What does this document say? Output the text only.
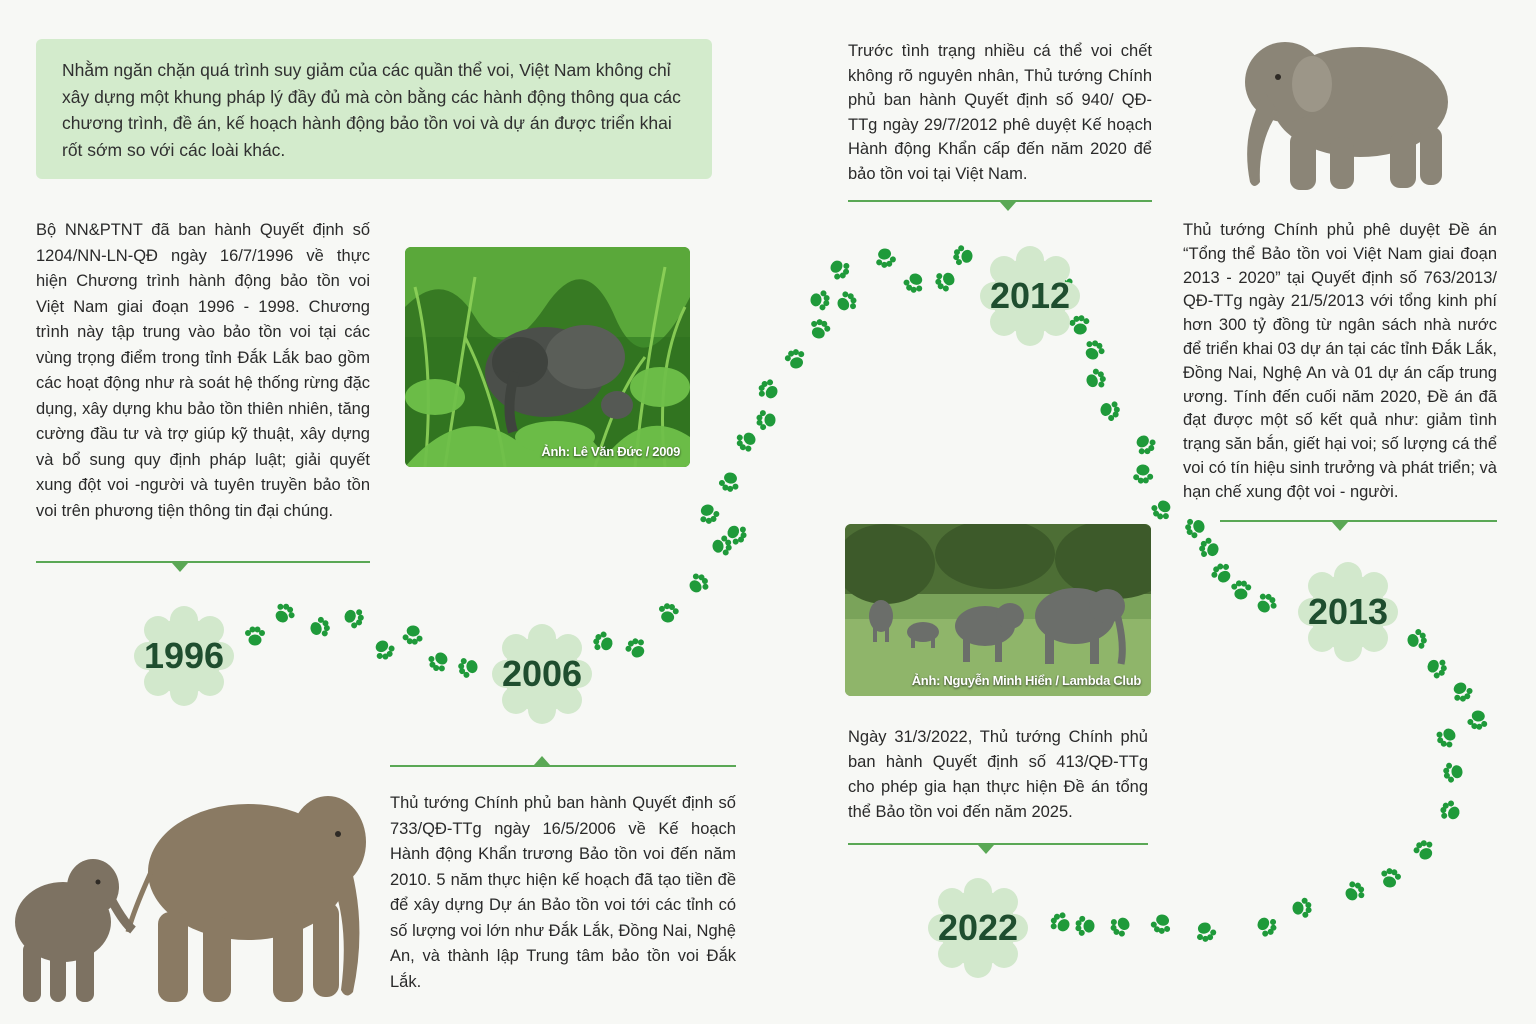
Nhằm ngăn chặn quá trình suy giảm của các quần thể voi, Việt Nam không chỉ xây dựng một khung pháp lý đầy đủ mà còn bằng các hành động thông qua các chương trình, đề án, kế hoạch hành động bảo tồn voi và dự án được triển khai rốt sớm so với các loài khác.

Bộ NN&PTNT đã ban hành Quyết định số 1204/NN-LN-QĐ ngày 16/7/1996 về thực hiện Chương trình hành động bảo tồn voi Việt Nam giai đoạn 1996 - 1998. Chương trình này tập trung vào bảo tồn voi tại các vùng trọng điểm trong tỉnh Đắk Lắk bao gồm các hoạt động như rà soát hệ thống rừng đặc dụng, xây dựng khu bảo tồn thiên nhiên, tăng cường đầu tư và trợ giúp kỹ thuật, xây dựng và bổ sung quy định pháp luật; giải quyết xung đột voi -người và tuyên truyền bảo tồn voi trên phương tiện thông tin đại chúng.

Thủ tướng Chính phủ ban hành Quyết định số 733/QĐ-TTg ngày 16/5/2006 về Kế hoạch Hành động Khẩn trương Bảo tồn voi đến năm 2010. 5 năm thực hiện kế hoạch đã tạo tiền đề để xây dựng Dự án Bảo tồn voi tới các tỉnh có số lượng voi lớn như Đắk Lắk, Đồng Nai, Nghệ An, và thành lập Trung tâm bảo tồn voi Đắk Lắk.

Trước tình trạng nhiều cá thể voi chết không rõ nguyên nhân, Thủ tướng Chính phủ ban hành Quyết định số 940/ QĐ-TTg ngày 29/7/2012 phê duyệt Kế hoạch Hành động Khẩn cấp đến năm 2020 để bảo tồn voi tại Việt Nam.

Thủ tướng Chính phủ phê duyệt Đề án “Tổng thể Bảo tồn voi Việt Nam giai đoạn 2013 - 2020” tại Quyết định số 763/2013/ QĐ-TTg ngày 21/5/2013 với tổng kinh phí hơn 300 tỷ đồng từ ngân sách nhà nước để triển khai 03 dự án tại các tỉnh Đắk Lắk, Đồng Nai, Nghệ An và 01 dự án cấp trung ương. Tính đến cuối năm 2020, Đề án đã đạt được một số kết quả như: giảm tình trạng săn bắn, giết hại voi; số lượng cá thể voi có tín hiệu sinh trưởng và phát triển; và hạn chế xung đột voi - người.

Ngày 31/3/2022, Thủ tướng Chính phủ ban hành Quyết định số 413/QĐ-TTg cho phép gia hạn thực hiện Đề án tổng thể Bảo tồn voi đến năm 2025.

Ảnh: Lê Văn Đức / 2009
Ảnh: Nguyễn Minh Hiển / Lambda Club
1996	2006
2012
2013
2022
